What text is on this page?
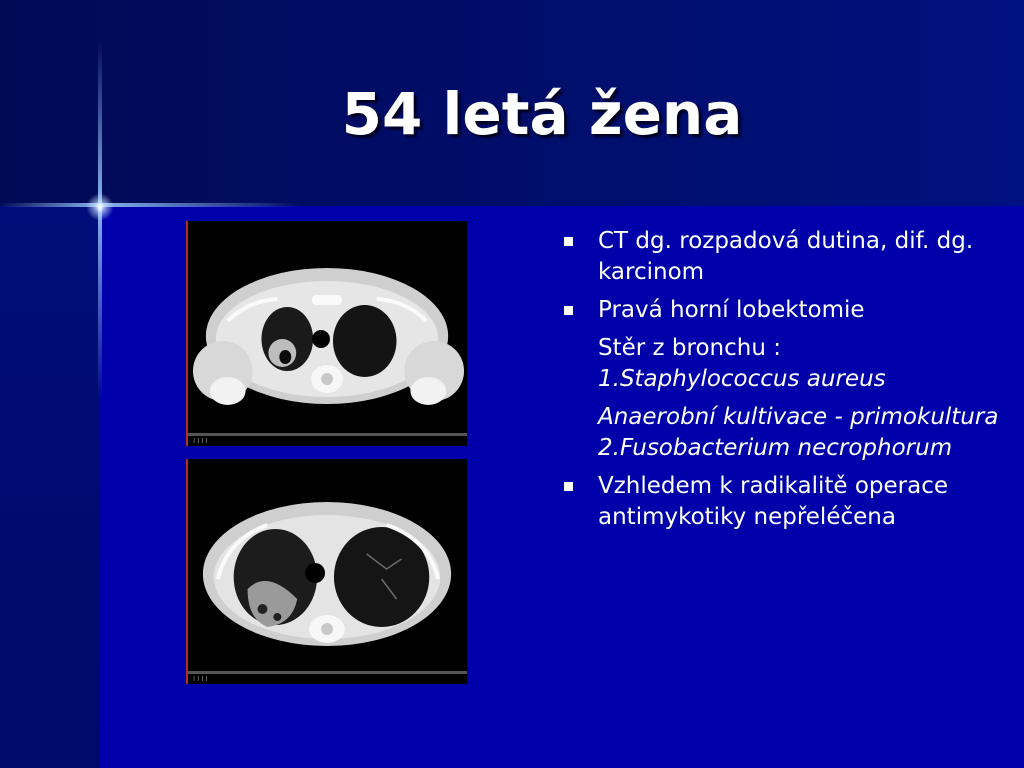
54 letá žena
ǀǀǀǀ
ǀǀǀǀ
CT dg. rozpadová dutina, dif. dg. karcinom
Pravá horní lobektomie
Stěr z bronchu :
1.Staphylococcus aureus
Anaerobní kultivace - primokultura
2.Fusobacterium necrophorum
Vzhledem k radikalitě operace antimykotiky nepřeléčena
